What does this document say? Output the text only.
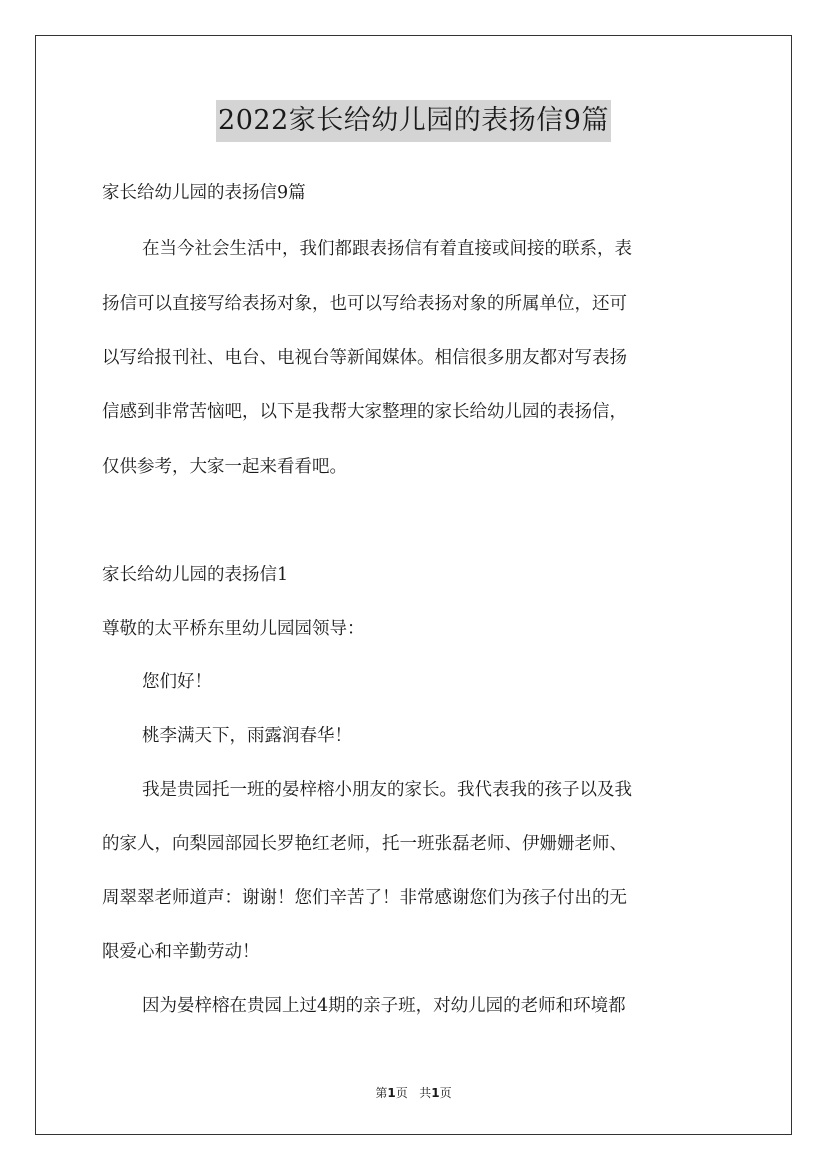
2022家长给幼儿园的表扬信9篇
家长给幼儿园的表扬信9篇
在当今社会生活中，我们都跟表扬信有着直接或间接的联系，表
扬信可以直接写给表扬对象，也可以写给表扬对象的所属单位，还可
以写给报刊社、电台、电视台等新闻媒体。相信很多朋友都对写表扬
信感到非常苦恼吧，以下是我帮大家整理的家长给幼儿园的表扬信，
仅供参考，大家一起来看看吧。
家长给幼儿园的表扬信1
尊敬的太平桥东里幼儿园园领导：
您们好！
桃李满天下，雨露润春华！
我是贵园托一班的晏梓榕小朋友的家长。我代表我的孩子以及我
的家人，向梨园部园长罗艳红老师，托一班张磊老师、伊姗姗老师、
周翠翠老师道声：谢谢！您们辛苦了！非常感谢您们为孩子付出的无
限爱心和辛勤劳动！
因为晏梓榕在贵园上过4期的亲子班，对幼儿园的老师和环境都
第1页 共1页
